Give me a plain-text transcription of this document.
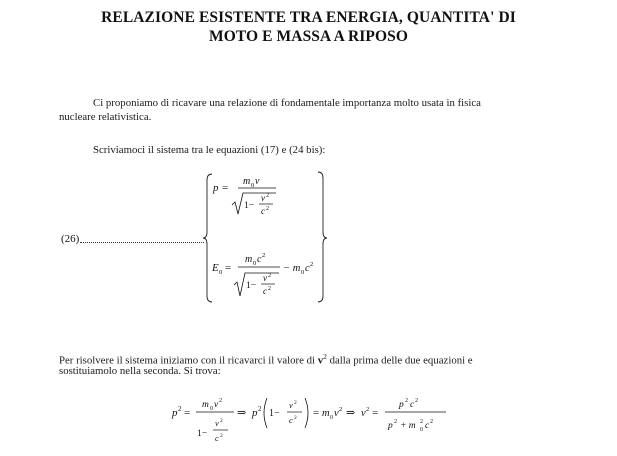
RELAZIONE ESISTENTE TRA ENERGIA, QUANTITA' DI
MOTO E MASSA A RIPOSO
Ci proponiamo di ricavare una relazione di fondamentale importanza molto usata in fisica
nucleare relativistica.
Scriviamoci il sistema tra le equazioni (17) e (24 bis):
(26)
Per risolvere il sistema iniziamo con il ricavarci il valore di $v^2$ dalla prima delle due equazioni e
sostituiamolo nella seconda. Si trova:
p =
m 0 v
1−
v 2
c 2
E 0 =
m 0 c 2
1−
v 2
c 2
− m 0 c 2
p 2 =
m 0 v 2
1−
v 2
c 2
⇒ p 2 1−
v 2
c 2 = m 0 v 2 ⇒ v 2 =
p 2 c 2
p 2 + m 0
2 c 2
